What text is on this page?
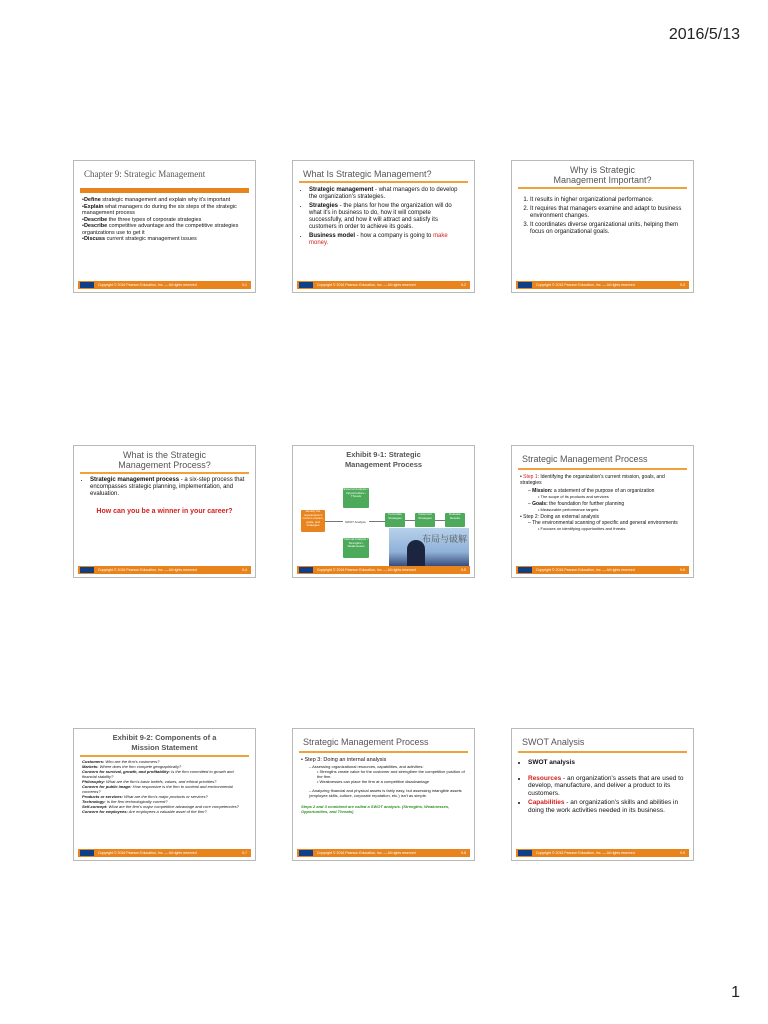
2016/5/13
Chapter 9: Strategic Management
•Define strategic management and explain why it's important
•Explain what managers do during the six steps of the strategic management process
•Describe the three types of corporate strategies
•Describe competitive advantage and the competitive strategies organizations use to get it
•Discuss current strategic management issues
Copyright © 2016 Pearson Education, Inc. — All rights reserved	9-1
What Is Strategic Management?
• Strategic management - what managers do to develop the organization's strategies.
• Strategies - the plans for how the organization will do what it's in business to do, how it will compete successfully, and how it will attract and satisfy its customers in order to achieve its goals.
• Business model - how a company is going to make money.
Copyright © 2016 Pearson Education, Inc. — All rights reserved	9-2
Why is Strategic
Management Important?
1. It results in higher organizational performance.
2. It requires that managers examine and adapt to business environment changes.
3. It coordinates diverse organizational units, helping them focus on organizational goals.
Copyright © 2016 Pearson Education, Inc. — All rights reserved	9-3
What is the Strategic
Management Process?
• Strategic management process - a six-step process that encompasses strategic planning, implementation, and evaluation.
How can you be a winner in your career?
Copyright © 2016 Pearson Education, Inc. — All rights reserved	9-4
Exhibit 9-1: Strategic
Management Process
Identify the organization's current mission, goals, and strategies
External Analysis • Opportunities • Threats
Internal Analysis • Strengths • Weaknesses
SWOT Analysis
Formulate Strategies
Implement Strategies
Evaluate Results
布局与破解
Copyright © 2016 Pearson Education, Inc. — All rights reserved	9-5
Strategic Management Process
• Step 1: Identifying the organization's current mission, goals, and strategies
– Mission: a statement of the purpose of an organization
• The scope of its products and services
– Goals: the foundation for further planning
• Measurable performance targets
• Step 2: Doing an external analysis
– The environmental scanning of specific and general environments
• Focuses on identifying opportunities and threats
Copyright © 2016 Pearson Education, Inc. — All rights reserved	9-6
Exhibit 9-2: Components of a
Mission Statement
Customers: Who are the firm's customers?
Markets: Where does the firm compete geographically?
Concern for survival, growth, and profitability: Is the firm committed to growth and financial stability?
Philosophy: What are the firm's basic beliefs, values, and ethical priorities?
Concern for public image: How responsive is the firm to societal and environmental concerns?
Products or services: What are the firm's major products or services?
Technology: Is the firm technologically current?
Self-concept: What are the firm's major competitive advantage and core competencies?
Concern for employees: Are employees a valuable asset of the firm?
Copyright © 2016 Pearson Education, Inc. — All rights reserved	9-7
Strategic Management Process
• Step 3: Doing an internal analysis
– Assessing organizational resources, capabilities, and activities:
• Strengths create value for the customer and strengthen the competitive position of the firm.
• Weaknesses can place the firm at a competitive disadvantage
– Analyzing financial and physical assets is fairly easy, but assessing intangible assets (employee skills, culture, corporate reputation, etc.) isn't as simple.
Steps 2 and 3 combined are called a SWOT analysis. (Strengths, Weaknesses, Opportunities, and Threats)
Copyright © 2016 Pearson Education, Inc. — All rights reserved	9-8
SWOT Analysis
• SWOT analysis
• Resources - an organization's assets that are used to develop, manufacture, and deliver a product to its customers.
• Capabilities - an organization's skills and abilities in doing the work activities needed in its business.
Copyright © 2016 Pearson Education, Inc. — All rights reserved	9-9
1
